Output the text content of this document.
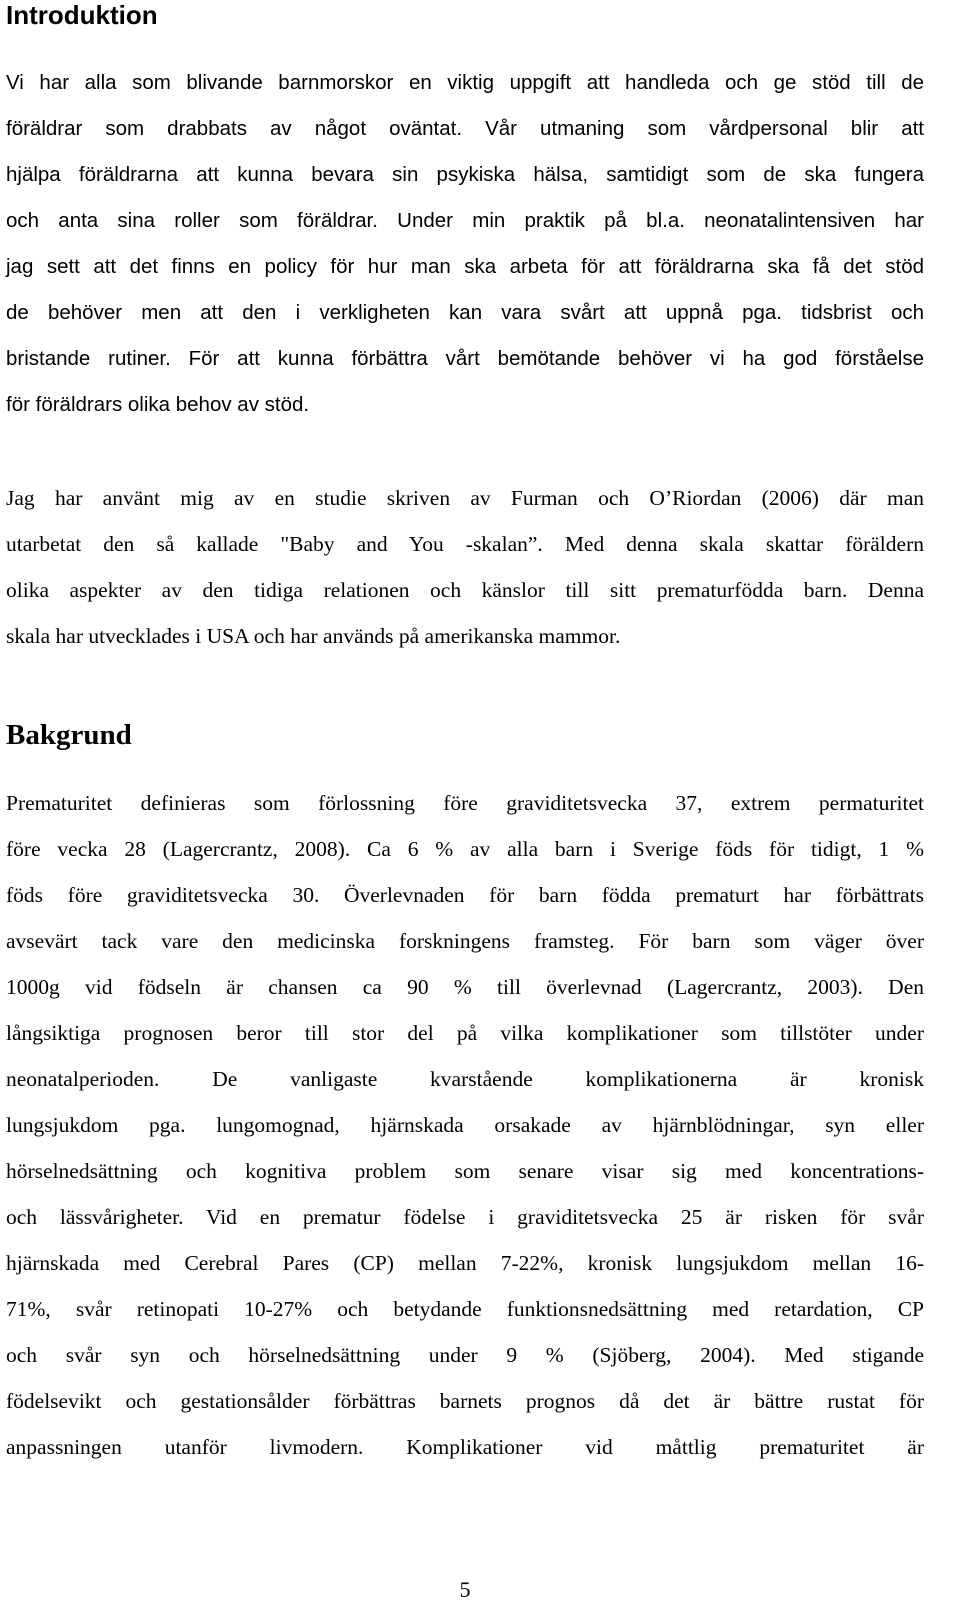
Introduktion
Vi har alla som blivande barnmorskor en viktig uppgift att handleda och ge stöd till de
föräldrar som drabbats av något oväntat. Vår utmaning som vårdpersonal blir att
hjälpa föräldrarna att kunna bevara sin psykiska hälsa, samtidigt som de ska fungera
och anta sina roller som föräldrar. Under min praktik på bl.a. neonatalintensiven har
jag sett att det finns en policy för hur man ska arbeta för att föräldrarna ska få det stöd
de behöver men att den i verkligheten kan vara svårt att uppnå pga. tidsbrist och
bristande rutiner. För att kunna förbättra vårt bemötande behöver vi ha god förståelse
för föräldrars olika behov av stöd.
Jag har använt mig av en studie skriven av Furman och O’Riordan (2006) där man
utarbetat den så kallade "Baby and You -skalan”. Med denna skala skattar föräldern
olika aspekter av den tidiga relationen och känslor till sitt prematurfödda barn. Denna
skala har utvecklades i USA och har används på amerikanska mammor.
Bakgrund
Prematuritet definieras som förlossning före graviditetsvecka 37, extrem permaturitet
före vecka 28 (Lagercrantz, 2008). Ca 6 % av alla barn i Sverige föds för tidigt, 1 %
föds före graviditetsvecka 30. Överlevnaden för barn födda prematurt har förbättrats
avsevärt tack vare den medicinska forskningens framsteg. För barn som väger över
1000g vid födseln är chansen ca 90 % till överlevnad (Lagercrantz, 2003). Den
långsiktiga prognosen beror till stor del på vilka komplikationer som tillstöter under
neonatalperioden. De vanligaste kvarstående komplikationerna är kronisk
lungsjukdom pga. lungomognad, hjärnskada orsakade av hjärnblödningar, syn eller
hörselnedsättning och kognitiva problem som senare visar sig med koncentrations-
och lässvårigheter. Vid en prematur födelse i graviditetsvecka 25 är risken för svår
hjärnskada med Cerebral Pares (CP) mellan 7-22%, kronisk lungsjukdom mellan 16-
71%, svår retinopati 10-27% och betydande funktionsnedsättning med retardation, CP
och svår syn och hörselnedsättning under 9 % (Sjöberg, 2004). Med stigande
födelsevikt och gestationsålder förbättras barnets prognos då det är bättre rustat för
anpassningen utanför livmodern. Komplikationer vid måttlig prematuritet är
5
